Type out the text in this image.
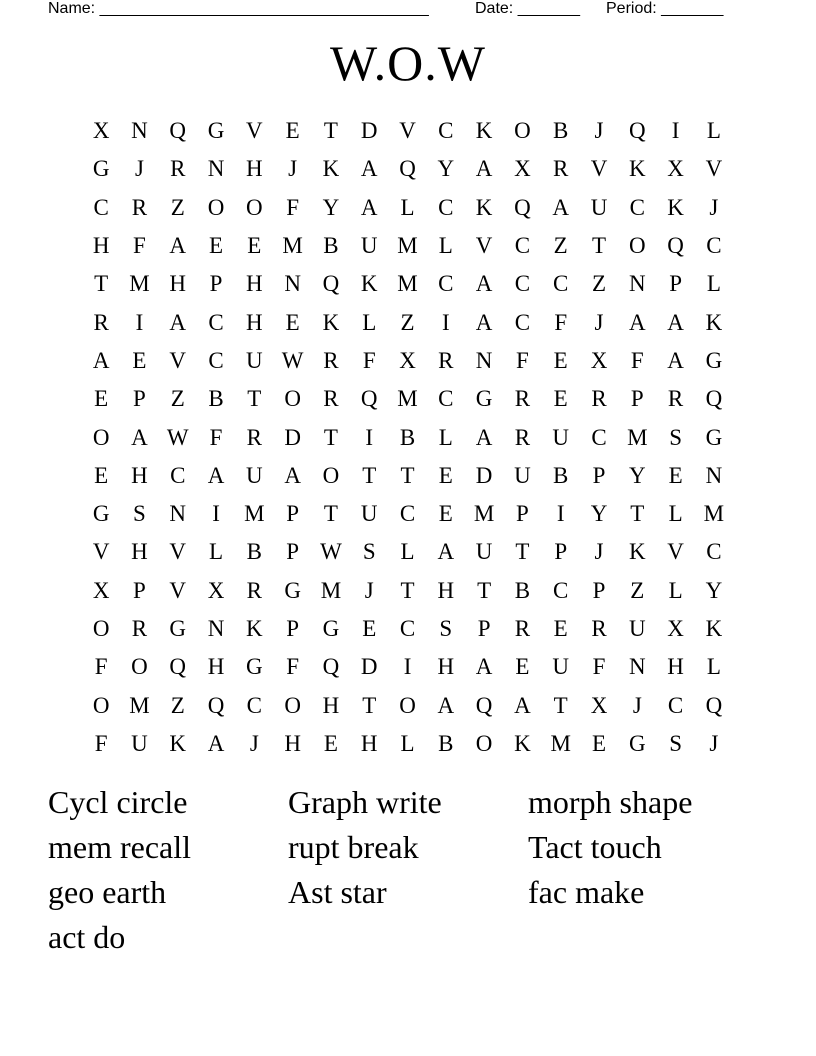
Name: _____________________________________	Date: _______ Period: _______
W.O.W
X N Q G V E	T D V C K O B	J	Q	I	L
G	J	R N H	J	K A Q Y A X R V K X V
C R	Z O O	F	Y A L	C K Q A U C K	J
H	F	A E	E M B U M L V C	Z	T O Q C
T M H	P	H N Q K M C A C C	Z N	P	L
R	I	A C H E K L	Z	I	A C	F	J	A A K
A E V C U W R	F	X R N	F	E X	F	A G
E	P	Z	B	T O R Q M C G R	E	R	P	R Q
O A W F	R D T	I	B	L A R U C M S	G
E H C A U A O T	T	E D U B	P	Y E N
G	S	N	I	M P	T U C	E M P	I	Y T	L M
V H V L	B	P W S	L A U T	P	J	K V C
X	P	V X R G M	J	T H T	B C	P	Z	L Y
O R G N K	P	G E	C	S	P	R	E	R U X K
F	O Q H G	F	Q D	I	H A E U	F	N H L
O M Z Q C O H T O A Q A T X	J	C Q
F	U K A	J	H E H L	B O K M E G	S	J
Cycl circle	Graph write	morph shape
mem recall	rupt break	Tact touch
geo earth	Ast star	fac make
act do
